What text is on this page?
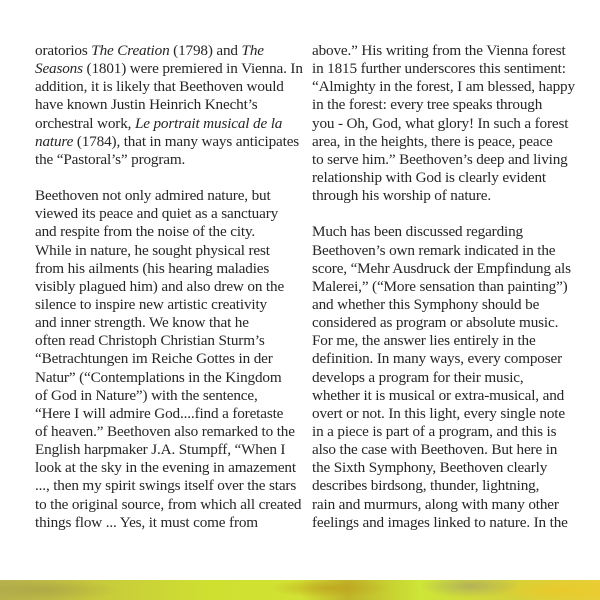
oratorios The Creation (1798) and The
Seasons (1801) were premiered in Vienna. In
addition, it is likely that Beethoven would
have known Justin Heinrich Knecht’s
orchestral work, Le portrait musical de la
nature (1784), that in many ways anticipates
the “Pastoral’s” program.
Beethoven not only admired nature, but
viewed its peace and quiet as a sanctuary
and respite from the noise of the city.
While in nature, he sought physical rest
from his ailments (his hearing maladies
visibly plagued him) and also drew on the
silence to inspire new artistic creativity
and inner strength. We know that he
often read Christoph Christian Sturm’s
“Betrachtungen im Reiche Gottes in der
Natur” (“Contemplations in the Kingdom
of God in Nature”) with the sentence,
“Here I will admire God....find a foretaste
of heaven.” Beethoven also remarked to the
English harpmaker J.A. Stumpff, “When I
look at the sky in the evening in amazement
..., then my spirit swings itself over the stars
to the original source, from which all created
things flow ... Yes, it must come from
above.” His writing from the Vienna forest
in 1815 further underscores this sentiment:
“Almighty in the forest, I am blessed, happy
in the forest: every tree speaks through
you - Oh, God, what glory! In such a forest
area, in the heights, there is peace, peace
to serve him.” Beethoven’s deep and living
relationship with God is clearly evident
through his worship of nature.
Much has been discussed regarding
Beethoven’s own remark indicated in the
score, “Mehr Ausdruck der Empfindung als
Malerei,” (“More sensation than painting”)
and whether this Symphony should be
considered as program or absolute music.
For me, the answer lies entirely in the
definition. In many ways, every composer
develops a program for their music,
whether it is musical or extra-musical, and
overt or not. In this light, every single note
in a piece is part of a program, and this is
also the case with Beethoven. But here in
the Sixth Symphony, Beethoven clearly
describes birdsong, thunder, lightning,
rain and murmurs, along with many other
feelings and images linked to nature. In the
